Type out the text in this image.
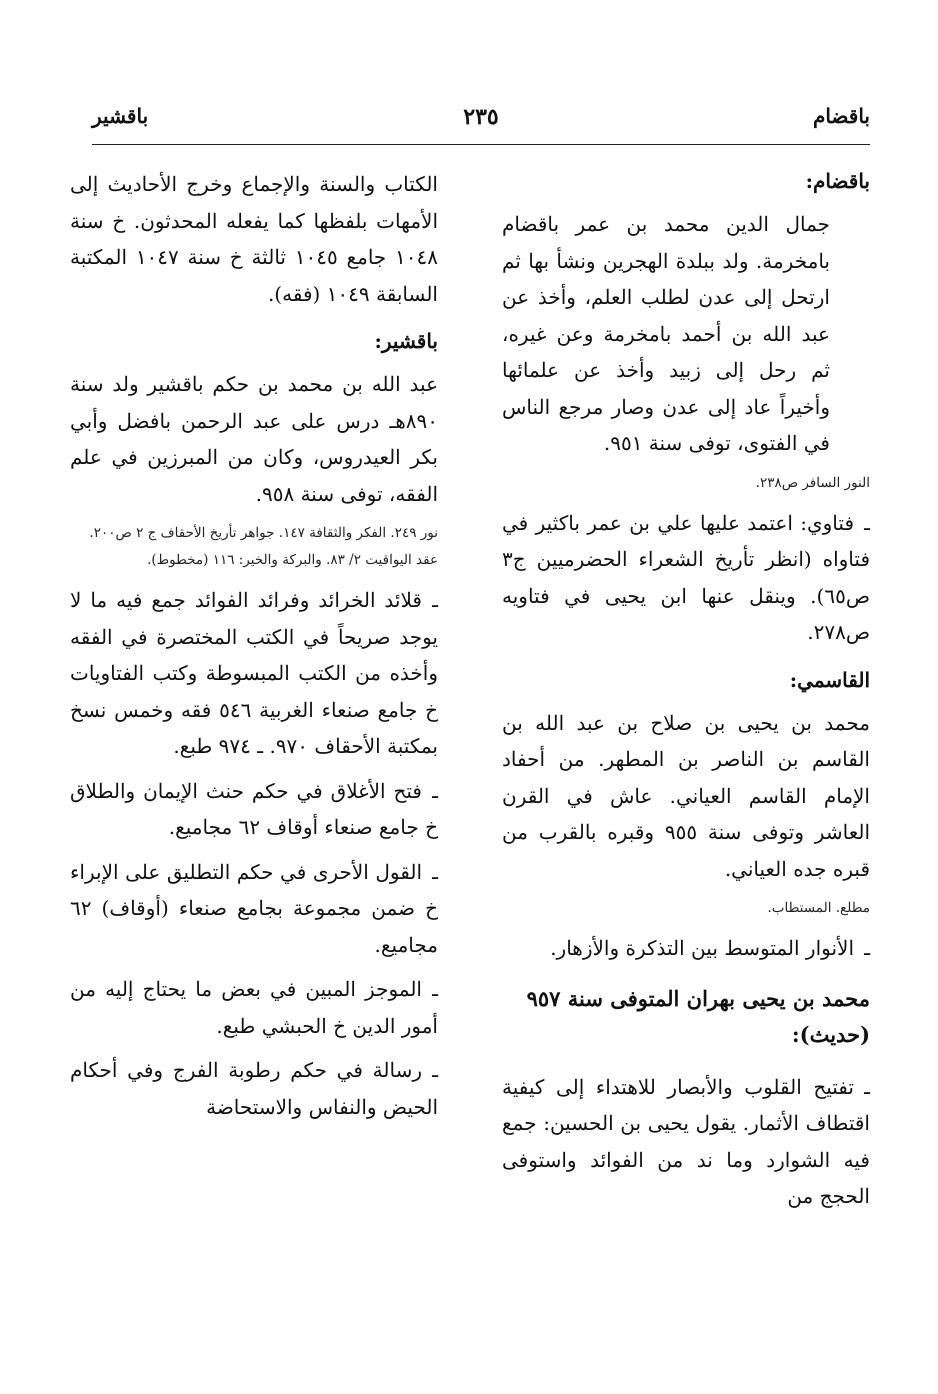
باقضام
٢٣٥
باقشير
باقضام:
جمال الدين محمد بن عمر باقضام بامخرمة. ولد ببلدة الهجرين ونشأ بها ثم ارتحل إلى عدن لطلب العلم، وأخذ عن عبد الله بن أحمد بامخرمة وعن غيره، ثم رحل إلى زبيد وأخذ عن علمائها وأخيراً عاد إلى عدن وصار مرجع الناس في الفتوى، توفى سنة ٩٥١.
النور السافر ص٢٣٨.
ـفتاوي: اعتمد عليها علي بن عمر باكثير في فتاواه (انظر تأريخ الشعراء الحضرميين ج٣ ص٦٥). وينقل عنها ابن يحيى في فتاويه ص٢٧٨.
القاسمي:
محمد بن يحيى بن صلاح بن عبد الله بن القاسم بن الناصر بن المطهر. من أحفاد الإمام القاسم العياني. عاش في القرن العاشر وتوفى سنة ٩٥٥ وقبره بالقرب من قبره جده العياني.
مطلع. المستطاب.
ـالأنوار المتوسط بين التذكرة والأزهار.
محمد بن يحيى بهران المتوفى سنة ٩٥٧ (حديث):
ـتفتيح القلوب والأبصار للاهتداء إلى كيفية اقتطاف الأثمار. يقول يحيى بن الحسين: جمع فيه الشوارد وما ند من الفوائد واستوفى الحجج من
الكتاب والسنة والإجماع وخرج الأحاديث إلى الأمهات بلفظها كما يفعله المحدثون. خ سنة ١٠٤٨ جامع ١٠٤٥ ثالثة خ سنة ١٠٤٧ المكتبة السابقة ١٠٤٩ (فقه).
باقشير:
عبد الله بن محمد بن حكم باقشير ولد سنة ٨٩٠هـ درس على عبد الرحمن بافضل وأبي بكر العيدروس، وكان من المبرزين في علم الفقه، توفى سنة ٩٥٨.
نور ٢٤٩. الفكر والثقافة ١٤٧. جواهر تأريخ الأحقاف ج ٢ ص٢٠٠. عقد اليواقيت ٢/ ٨٣. والبركة والخير: ١١٦ (مخطوط).
ـقلائد الخرائد وفرائد الفوائد جمع فيه ما لا يوجد صريحاً في الكتب المختصرة في الفقه وأخذه من الكتب المبسوطة وكتب الفتاويات خ جامع صنعاء الغربية ٥٤٦ فقه وخمس نسخ بمكتبة الأحقاف ٩٧٠. ـ ٩٧٤ طبع.
ـفتح الأغلاق في حكم حنث الإيمان والطلاق خ جامع صنعاء أوقاف ٦٢ مجاميع.
ـالقول الأحرى في حكم التطليق على الإبراء خ ضمن مجموعة بجامع صنعاء (أوقاف) ٦٢ مجاميع.
ـالموجز المبين في بعض ما يحتاج إليه من أمور الدين خ الحبشي طبع.
ـرسالة في حكم رطوبة الفرج وفي أحكام الحيض والنفاس والاستحاضة
